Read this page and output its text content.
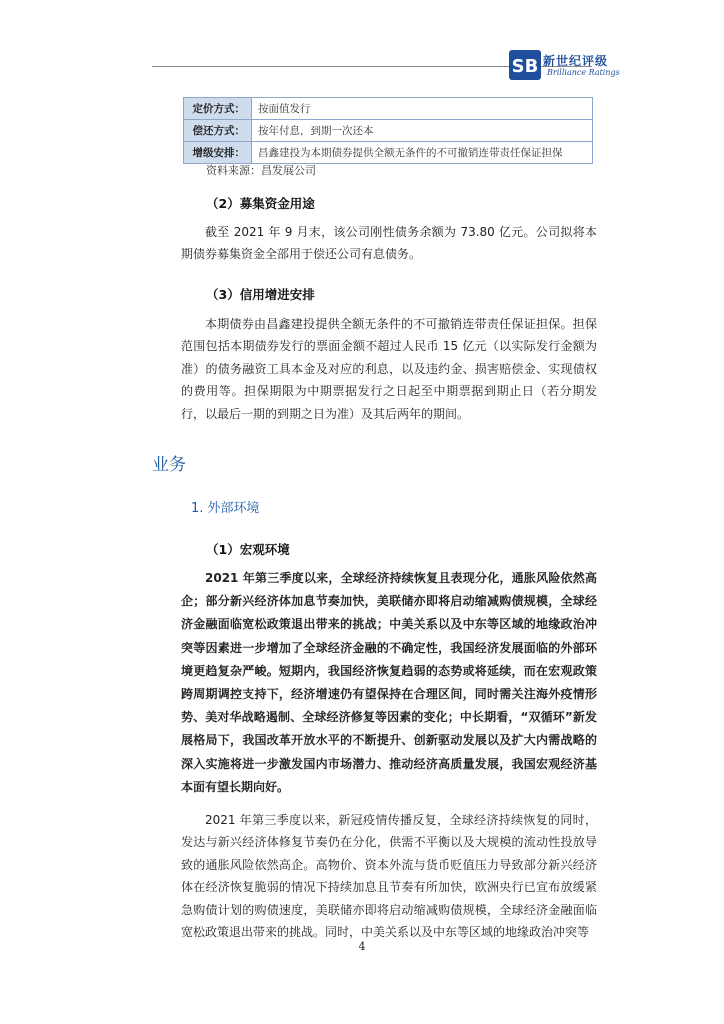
SB 新世纪评级
Brilliance Ratings
定价方式：	按面值发行
偿还方式：	按年付息，到期一次还本
增级安排：	昌鑫建投为本期债券提供全额无条件的不可撤销连带责任保证担保
资料来源：昌发展公司
（2）募集资金用途
截至 2021 年 9 月末，该公司刚性债务余额为 73.80 亿元。公司拟将本期债券募集资金全部用于偿还公司有息债务。
（3）信用增进安排
本期债券由昌鑫建投提供全额无条件的不可撤销连带责任保证担保。担保范围包括本期债券发行的票面金额不超过人民币 15 亿元（以实际发行金额为准）的债务融资工具本金及对应的利息，以及违约金、损害赔偿金、实现债权的费用等。担保期限为中期票据发行之日起至中期票据到期止日（若分期发行，以最后一期的到期之日为准）及其后两年的期间。
业务
1. 外部环境
（1）宏观环境
2021 年第三季度以来，全球经济持续恢复且表现分化，通胀风险依然高企；部分新兴经济体加息节奏加快，美联储亦即将启动缩减购债规模，全球经济金融面临宽松政策退出带来的挑战；中美关系以及中东等区域的地缘政治冲突等因素进一步增加了全球经济金融的不确定性，我国经济发展面临的外部环境更趋复杂严峻。短期内，我国经济恢复趋弱的态势或将延续，而在宏观政策跨周期调控支持下，经济增速仍有望保持在合理区间，同时需关注海外疫情形势、美对华战略遏制、全球经济修复等因素的变化；中长期看，“双循环”新发展格局下，我国改革开放水平的不断提升、创新驱动发展以及扩大内需战略的深入实施将进一步激发国内市场潜力、推动经济高质量发展，我国宏观经济基本面有望长期向好。
2021 年第三季度以来，新冠疫情传播反复，全球经济持续恢复的同时，发达与新兴经济体修复节奏仍在分化，供需不平衡以及大规模的流动性投放导致的通胀风险依然高企。高物价、资本外流与货币贬值压力导致部分新兴经济体在经济恢复脆弱的情况下持续加息且节奏有所加快，欧洲央行已宣布放缓紧急购债计划的购债速度，美联储亦即将启动缩减购债规模，全球经济金融面临宽松政策退出带来的挑战。同时，中美关系以及中东等区域的地缘政治冲突等
4
